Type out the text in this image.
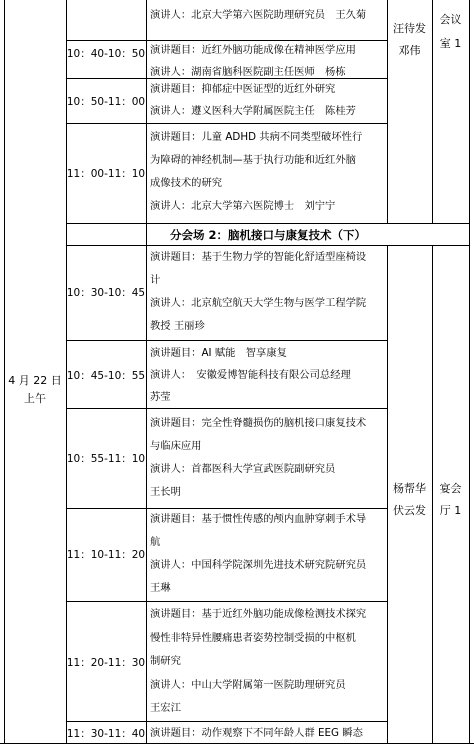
4 月 22 日
上午
汪待发
邓伟
会议
室 1
演讲人：北京大学第六医院助理研究员　王久菊
10：40-10：50 演讲题目：近红外脑功能成像在精神医学应用
演讲人：湖南省脑科医院副主任医师　杨栋
10：50-11：00
演讲题目：抑郁症中医证型的近红外研究
演讲人：遵义医科大学附属医院主任　陈桂芳
11：00-11：10
演讲题目：儿童 ADHD 共病不同类型破坏性行
为障碍的神经机制—基于执行功能和近红外脑
成像技术的研究
演讲人：北京大学第六医院博士　刘宁宁
分会场 2：脑机接口与康复技术（下）
杨帮华
伏云发
宴会
厅 1
10：30-10：45
演讲题目：基于生物力学的智能化舒适型座椅设
计
演讲人：北京航空航天大学生物与医学工程学院
教授 王丽珍
10：45-10：55
演讲题目：AI 赋能　智享康复
演讲人：　安徽爱博智能科技有限公司总经理
苏莹
10：55-11：10
演讲题目：完全性脊髓损伤的脑机接口康复技术
与临床应用
演讲人：首都医科大学宣武医院副研究员
王长明
11：10-11：20
演讲题目：基于惯性传感的颅内血肿穿刺手术导
航
演讲人：中国科学院深圳先进技术研究院研究员
王琳
11：20-11：30
演讲题目：基于近红外脑功能成像检测技术探究
慢性非特异性腰痛患者姿势控制受损的中枢机
制研究
演讲人：中山大学附属第一医院助理研究员
王宏江
11：30-11：40 演讲题目：动作观察下不同年龄人群 EEG 瞬态
